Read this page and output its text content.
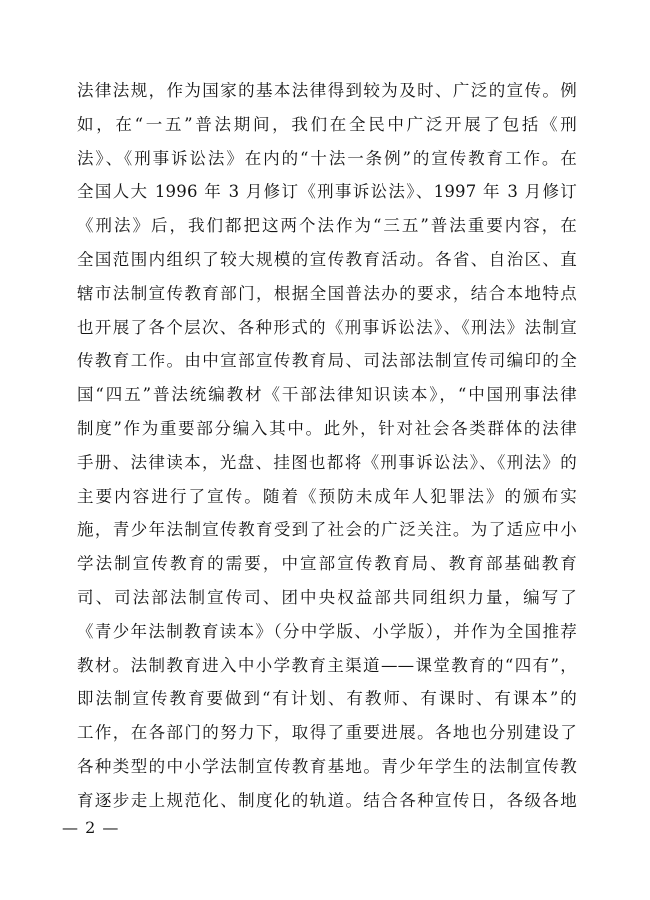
法律法规，作为国家的基本法律得到较为及时、广泛的宣传。例
如，在“一五”普法期间，我们在全民中广泛开展了包括《刑
法》、《刑事诉讼法》在内的“十法一条例”的宣传教育工作。在
全国人大 1996 年 3 月修订《刑事诉讼法》、1997 年 3 月修订
《刑法》后，我们都把这两个法作为“三五”普法重要内容，在
全国范围内组织了较大规模的宣传教育活动。各省、自治区、直
辖市法制宣传教育部门，根据全国普法办的要求，结合本地特点
也开展了各个层次、各种形式的《刑事诉讼法》、《刑法》法制宣
传教育工作。由中宣部宣传教育局、司法部法制宣传司编印的全
国“四五”普法统编教材《干部法律知识读本》，“中国刑事法律
制度”作为重要部分编入其中。此外，针对社会各类群体的法律
手册、法律读本，光盘、挂图也都将《刑事诉讼法》、《刑法》的
主要内容进行了宣传。随着《预防未成年人犯罪法》的颁布实
施，青少年法制宣传教育受到了社会的广泛关注。为了适应中小
学法制宣传教育的需要，中宣部宣传教育局、教育部基础教育
司、司法部法制宣传司、团中央权益部共同组织力量，编写了
《青少年法制教育读本》（分中学版、小学版），并作为全国推荐
教材。法制教育进入中小学教育主渠道——课堂教育的“四有”，
即法制宣传教育要做到“有计划、有教师、有课时、有课本”的
工作，在各部门的努力下，取得了重要进展。各地也分别建设了
各种类型的中小学法制宣传教育基地。青少年学生的法制宣传教
育逐步走上规范化、制度化的轨道。结合各种宣传日，各级各地
— 2 —
